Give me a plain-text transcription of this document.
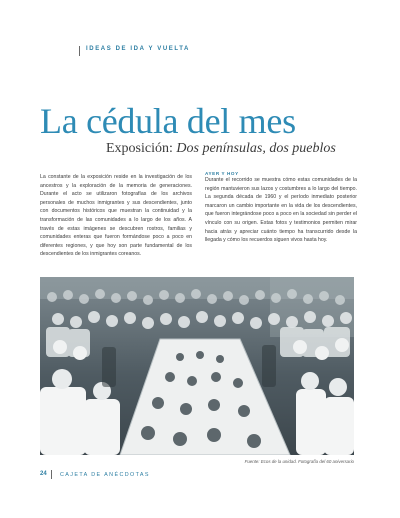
IDEAS DE IDA Y VUELTA
La cédula del mes
Exposición: Dos penínsulas, dos pueblos
La constante de la exposición reside en la investigación de los ancestros y la exploración de la memoria de generaciones. Durante el acto se utilizaron fotografías de los archivos personales de muchos inmigrantes y sus descendientes, junto con documentos históricos que muestran la continuidad y la transformación de las comunidades a lo largo de los años. A través de estas imágenes se descubren rostros, familias y comunidades enteras que fueron formándose poco a poco en diferentes regiones, y que hoy son parte fundamental de los descendientes de los inmigrantes coreanos.
AYER Y HOY
Durante el recorrido se muestra cómo estas comunidades de la región mantuvieron sus lazos y costumbres a lo largo del tiempo. La segunda década de 1960 y el período inmediato posterior marcaron un cambio importante en la vida de los descendientes, que fueron integrándose poco a poco en la sociedad sin perder el vínculo con su origen. Estas fotos y testimonios permiten mirar hacia atrás y apreciar cuánto tiempo ha transcurrido desde la llegada y cómo los recuerdos siguen vivos hasta hoy.
Fuente: Ecos de la unidad. Fotografía del 60 aniversario
24 CAJETA DE ANÉCDOTAS
